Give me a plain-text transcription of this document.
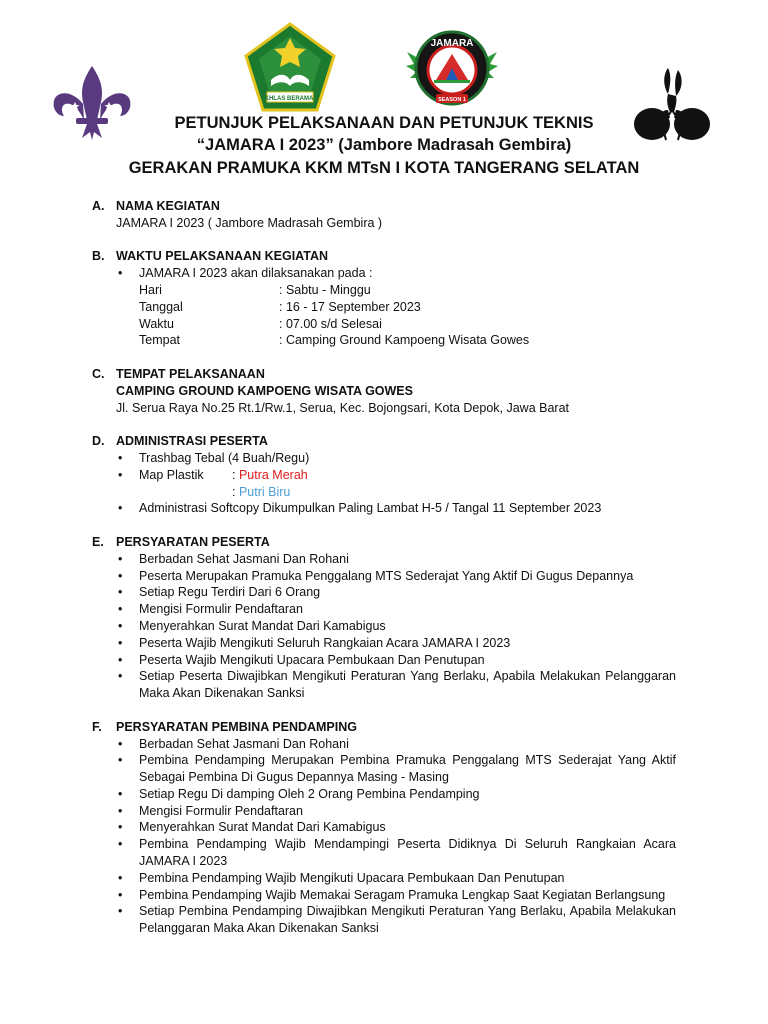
IKHLAS BERAMAL
JAMARA
SEASON 1
PETUNJUK PELAKSANAAN DAN PETUNJUK TEKNIS
“JAMARA I 2023” (Jambore Madrasah Gembira)
GERAKAN PRAMUKA KKM MTsN I KOTA TANGERANG SELATAN
A. NAMA KEGIATAN
JAMARA I 2023 ( Jambore Madrasah Gembira )
B. WAKTU PELAKSANAAN KEGIATAN
• JAMARA I 2023 akan dilaksanakan pada :
Hari	: Sabtu - Minggu
Tanggal	: 16 - 17 September 2023
Waktu	: 07.00 s/d Selesai
Tempat	: Camping Ground Kampoeng Wisata Gowes
C. TEMPAT PELAKSANAAN
CAMPING GROUND KAMPOENG WISATA GOWES
Jl. Serua Raya No.25 Rt.1/Rw.1, Serua, Kec. Bojongsari, Kota Depok, Jawa Barat
D. ADMINISTRASI PESERTA
• Trashbag Tebal (4 Buah/Regu)
• Map Plastik	: Putra Merah
: Putri Biru
• Administrasi Softcopy Dikumpulkan Paling Lambat H-5 / Tangal 11 September 2023
E. PERSYARATAN PESERTA
• Berbadan Sehat Jasmani Dan Rohani
• Peserta Merupakan Pramuka Penggalang MTS Sederajat Yang Aktif Di Gugus Depannya
• Setiap Regu Terdiri Dari 6 Orang
• Mengisi Formulir Pendaftaran
• Menyerahkan Surat Mandat Dari Kamabigus
• Peserta Wajib Mengikuti Seluruh Rangkaian Acara JAMARA I 2023
• Peserta Wajib Mengikuti Upacara Pembukaan Dan Penutupan
• Setiap Peserta Diwajibkan Mengikuti Peraturan Yang Berlaku, Apabila Melakukan Pelanggaran Maka Akan Dikenakan Sanksi
F.	PERSYARATAN PEMBINA PENDAMPING
• Berbadan Sehat Jasmani Dan Rohani
• Pembina Pendamping Merupakan Pembina Pramuka Penggalang MTS Sederajat Yang Aktif Sebagai Pembina Di Gugus Depannya Masing - Masing
• Setiap Regu Di damping Oleh 2 Orang Pembina Pendamping
• Mengisi Formulir Pendaftaran
• Menyerahkan Surat Mandat Dari Kamabigus
• Pembina Pendamping Wajib Mendampingi Peserta Didiknya Di Seluruh Rangkaian Acara JAMARA I 2023
• Pembina Pendamping Wajib Mengikuti Upacara Pembukaan Dan Penutupan
• Pembina Pendamping Wajib Memakai Seragam Pramuka Lengkap Saat Kegiatan Berlangsung
• Setiap Pembina Pendamping Diwajibkan Mengikuti Peraturan Yang Berlaku, Apabila Melakukan Pelanggaran Maka Akan Dikenakan Sanksi
